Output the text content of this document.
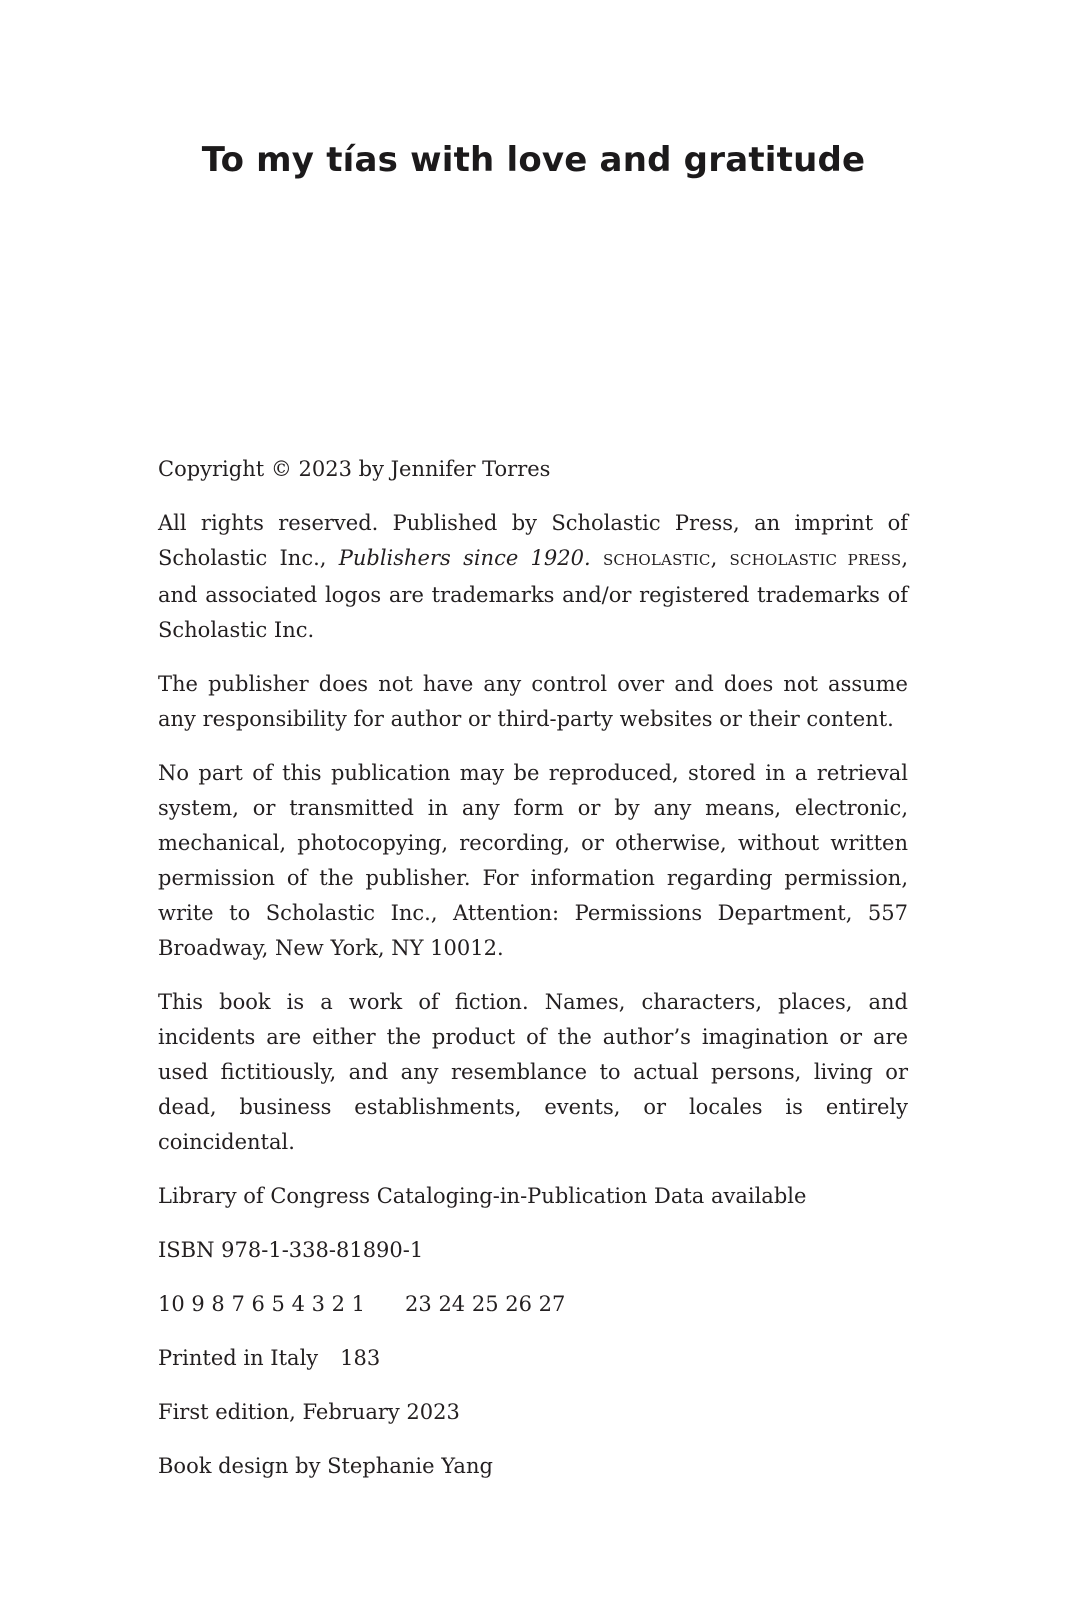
To my tías with love and gratitude

Copyright © 2023 by Jennifer Torres

All rights reserved. Published by Scholastic Press, an imprint of Scholastic Inc., Publishers since 1920. SCHOLASTIC, SCHOLASTIC PRESS, and associated logos are trademarks and/or registered trademarks of Scholastic Inc.

The publisher does not have any control over and does not assume any responsibility for author or third-party websites or their content.

No part of this publication may be reproduced, stored in a retrieval system, or transmitted in any form or by any means, electronic, mechanical, photocopying, recording, or otherwise, without written permission of the publisher. For information regarding permission, write to Scholastic Inc., Attention: Permissions Department, 557 Broadway, New York, NY 10012.

This book is a work of fiction. Names, characters, places, and incidents are either the product of the author’s imagination or are used fictitiously, and any resemblance to actual persons, living or dead, business establishments, events, or locales is entirely coincidental.

Library of Congress Cataloging-in-Publication Data available

ISBN 978-1-338-81890-1

10 9 8 7 6 5 4 3 2 1 23 24 25 26 27

Printed in Italy 183

First edition, February 2023

Book design by Stephanie Yang
